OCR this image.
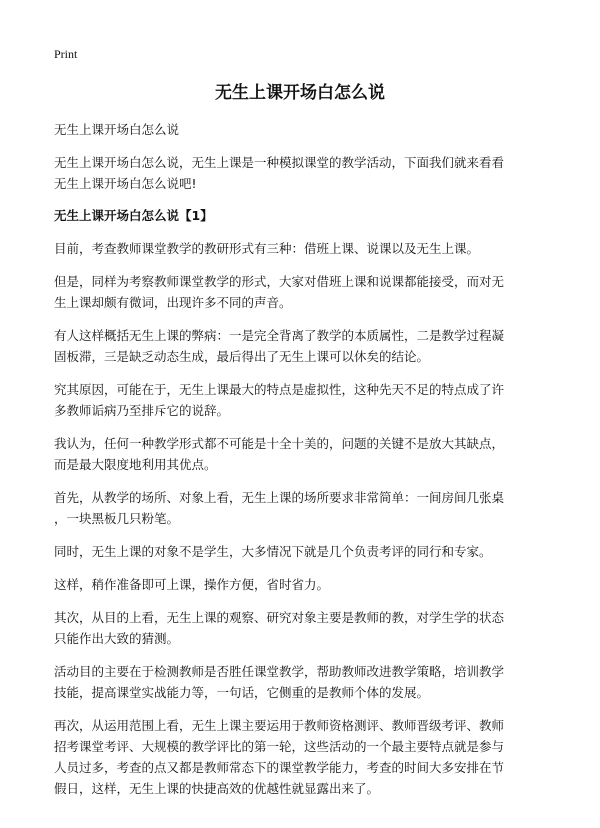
Print
无生上课开场白怎么说
无生上课开场白怎么说
无生上课开场白怎么说，无生上课是一种模拟课堂的教学活动，下面我们就来看看
无生上课开场白怎么说吧!
无生上课开场白怎么说【1】
目前，考查教师课堂教学的教研形式有三种：借班上课、说课以及无生上课。
但是，同样为考察教师课堂教学的形式，大家对借班上课和说课都能接受，而对无
生上课却颇有微词，出现许多不同的声音。
有人这样概括无生上课的弊病：一是完全背离了教学的本质属性，二是教学过程凝
固板滞，三是缺乏动态生成，最后得出了无生上课可以休矣的结论。
究其原因，可能在于，无生上课最大的特点是虚拟性，这种先天不足的特点成了许
多教师诟病乃至排斥它的说辞。
我认为，任何一种教学形式都不可能是十全十美的，问题的关键不是放大其缺点，
而是最大限度地利用其优点。
首先，从教学的场所、对象上看，无生上课的场所要求非常简单：一间房间几张桌
，一块黑板几只粉笔。
同时，无生上课的对象不是学生，大多情况下就是几个负责考评的同行和专家。
这样，稍作准备即可上课，操作方便，省时省力。
其次，从目的上看，无生上课的观察、研究对象主要是教师的教，对学生学的状态
只能作出大致的猜测。
活动目的主要在于检测教师是否胜任课堂教学，帮助教师改进教学策略，培训教学
技能，提高课堂实战能力等，一句话，它侧重的是教师个体的发展。
再次，从运用范围上看，无生上课主要运用于教师资格测评、教师晋级考评、教师
招考课堂考评、大规模的教学评比的第一轮，这些活动的一个最主要特点就是参与
人员过多，考查的点又都是教师常态下的课堂教学能力，考查的时间大多安排在节
假日，这样，无生上课的快捷高效的优越性就显露出来了。
